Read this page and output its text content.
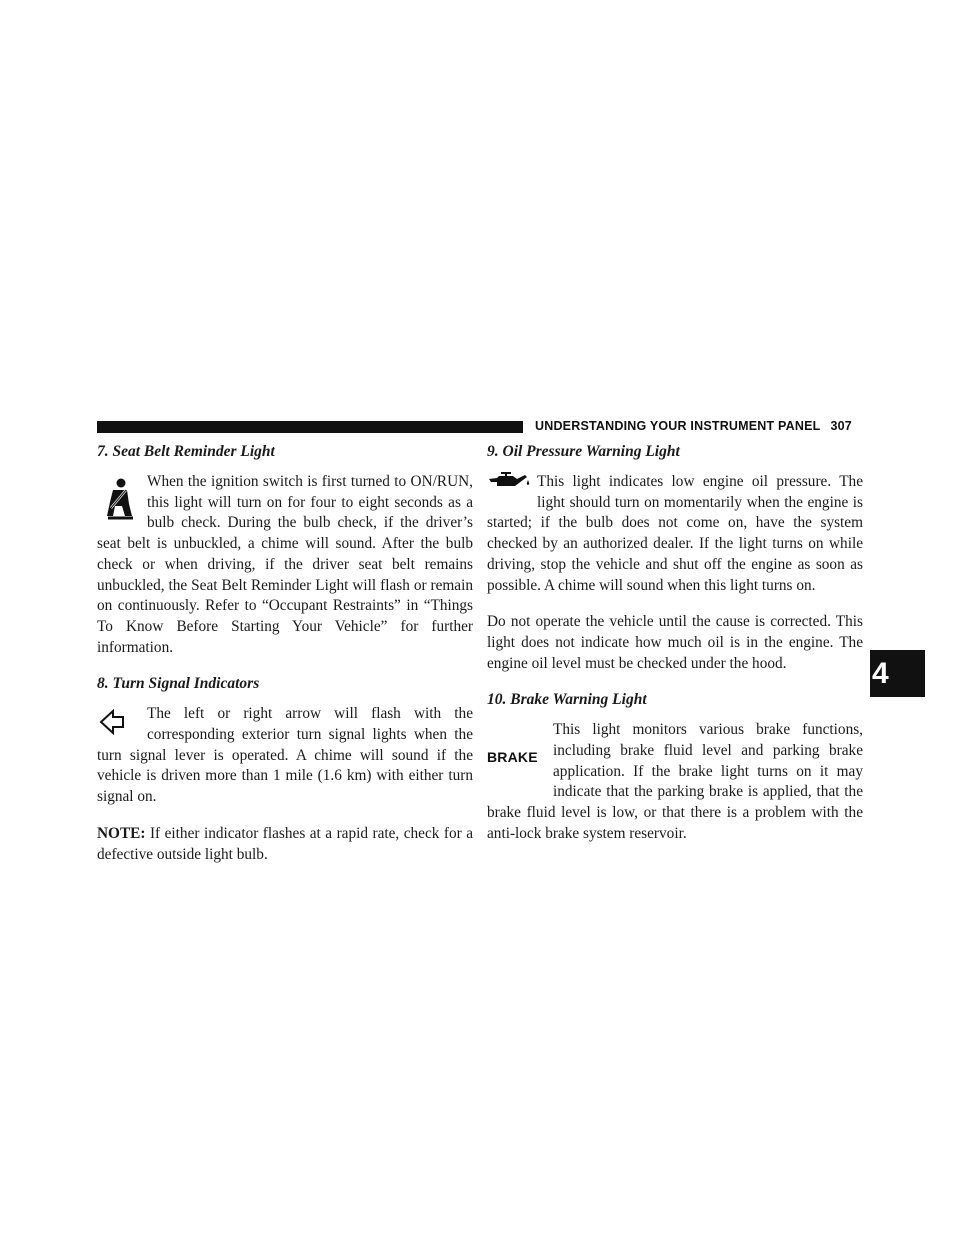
UNDERSTANDING YOUR INSTRUMENT PANEL 307
4
7. Seat Belt Reminder Light

When the ignition switch is first turned to ON/RUN, this light will turn on for four to eight seconds as a bulb check. During the bulb check, if the driver’s seat belt is unbuckled, a chime will sound. After the bulb check or when driving, if the driver seat belt remains unbuckled, the Seat Belt Reminder Light will flash or remain on continuously. Refer to “Occupant Restraints” in “Things To Know Before Starting Your Vehicle” for further information.

8. Turn Signal Indicators

The left or right arrow will flash with the corresponding exterior turn signal lights when the turn signal lever is operated. A chime will sound if the vehicle is driven more than 1 mile (1.6 km) with either turn signal on.

NOTE: If either indicator flashes at a rapid rate, check for a defective outside light bulb.

9. Oil Pressure Warning Light

This light indicates low engine oil pressure. The light should turn on momentarily when the engine is started; if the bulb does not come on, have the system checked by an authorized dealer. If the light turns on while driving, stop the vehicle and shut off the engine as soon as possible. A chime will sound when this light turns on.

Do not operate the vehicle until the cause is corrected. This light does not indicate how much oil is in the engine. The engine oil level must be checked under the hood.

10. Brake Warning Light
BRAKE

This light monitors various brake functions, including brake fluid level and parking brake application. If the brake light turns on it may indicate that the parking brake is applied, that the brake fluid level is low, or that there is a problem with the anti-lock brake system reservoir.
